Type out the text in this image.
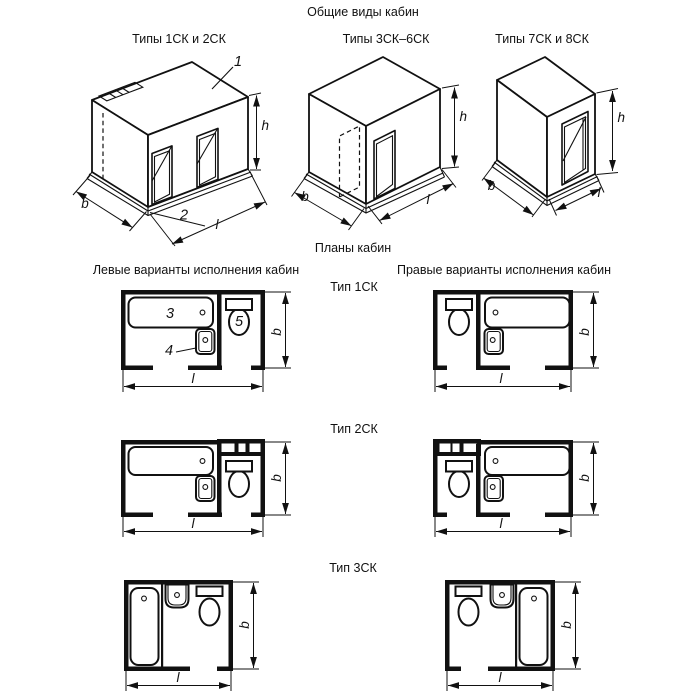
Общие виды кабин
Планы кабин
Левые варианты исполнения кабин	Правые варианты исполнения кабин
Тип 1СК
Тип 2СК
Тип 3СК
Типы 1СК и 2СК
1
2
h
b
l
Типы 3СК–6СК
h
b	l
Типы 7СК и 8СК
h
b	l
3
4
5
b
l
b
l
b
l
b
l
b
l
b
l
